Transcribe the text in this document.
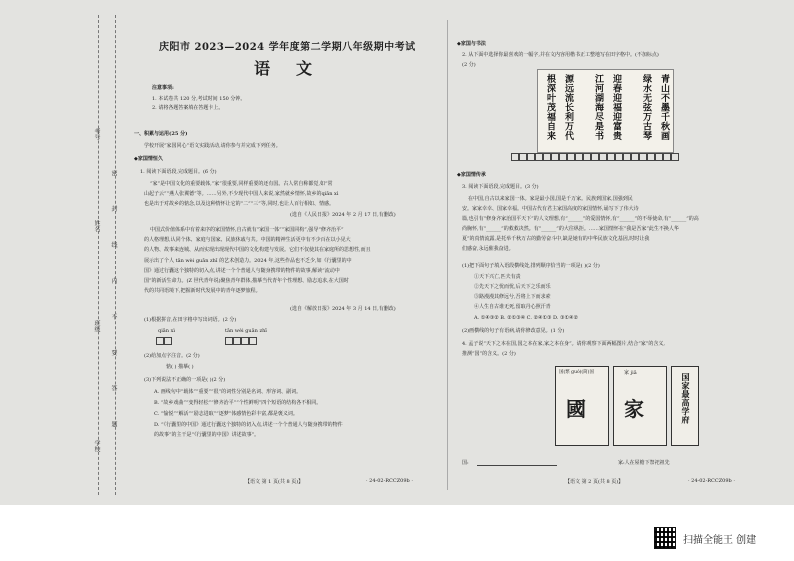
考号
姓名
班级
学校
密 封 线 内 不 要 答 题
庆阳市 2023—2024 学年度第二学期八年级期中考试
语文
注意事项:
1. 本试卷共 120 分,考试时间 150 分钟。
2. 请将各题答案填在答题卡上。
一、积累与运用(25 分)
学校开展“家国同心”语文实践活动,请你参与并完成下列任务。
◆家国情恒久
1. 阅读下面语段,完成题目。(6 分)
“家”是中国文化的重要载体,“家”很重要,同样重要的还有国。古人常自称都觉,如“常
山起子云”“燕人张翼德”等。……另外,不少现代中国人来说,家然就乡情怀,故乡的qiān xì
也是出于对故乡的惦念,以及这种情怀让它的“二”“三”等,同时,也让人百行相如、情感。
(选自《人民日报》2024 年 2 月 17 日,有删改)
中国式价值体系中有着来序的家国情怀,自古就有“家国一体”“家国同构”,强导“修齐治平”
的人格理想,认同个体、家庭与国家、民族休戚与共。中国的精神生活更中有不少百在以小见大
的人物、故事来连城、从而实现出现现代中国的文化构建与发展。它们不仅使其在家庭所的思想性,而且
展示出了个人 tān wèi guān zhī 的艺术创造力。2024 年,这些作品也不乏少,如《行囊里的中
国》通过行囊这个独特的切入点,讲述一个个普通人与随身携带的物件的故事,解读“流动中
国”的新活生命力。(Z 世代青年说)聚焦青年群体,描摹当代青年个性理想、励志追求,在大国时
代的共同语境下,把握新时代发展中的青年逐梦旅程。
(选自《解放日报》2024 年 3 月 14 日,有删改)
(1)根据拼音,在田字格中写出词语。(2 分)
qiān xì	tān wèi guān zhī
(2)给加点字注音。(2 分)
惦( ) 描摹( )
(3)下列说法不正确的一项是( )(2 分)
A. 画线句中“载体”“重要”“很”的词性分别是名词、形容词、副词。
B. “故乡戏曲”“变得轻松”“修齐治平”“个性鲜明”四个短语的结构各不相同。
C. “愉悦”“解活”“励志进取”“逐梦”体感情色彩丰富,都是褒义词。
D. “《行囊里的中国》通过行囊这个独特的切入点,讲述一个个普通人与随身携带的物件
的故事”的主干是“《行囊里的中国》讲述故事”。
【语文 第 1 页(共 8 页)】	· 24-02-RCCZ09b ·
◆家国与书法
2. 从下面中选择你最喜欢的一幅字,并在文内容用楷书正工整地写在田字格中。(不加标点)
(2 分)
青山不墨千秋画
绿水无弦万古琴
迎春迎福迎富贵
江河湖海尽是书
源远流长利万代
根深叶茂福自来
◆家国情传承
3. 阅读下面语段,完成题目。(3 分)
在中国,自古以来家国一体。家是最小国,国是千万家。民族到国家,国强到民
安。家家幸幸、国家幸福。中国古代有君主家国高度的家国情怀,诵写下了伟大诗
篇,也引有“修身齐家治国平天下”的人文理想,有“______”的爱国情怀,有“______”的不辱使命,有“______”的高
尚胸怀,有“______”的救救决然。有“______”的大往纵拒。……家国情怀在“我是吾家”此生不换人华
夏”的真情流露,是托举千秋万古的勤劳奋斗中,缺是她有的中华民族文化基因,时时让我
们感奋,永远催我奋进。
(1)把下面句子填入语段横线处,排列顺序恰当的一项是( )(2 分)
①天下兴亡,匹夫有责
②先天下之忧而忧,后天下之乐而乐
③路漫漫其修远兮,吾将上下而求索
④人生自古谁无死,留取丹心照汗青
A. ①④③② B. ②①③④ C. ②④①③ D. ③①④②
(2)画横线的句子有语病,请你修改意见。(1 分)
4. 孟子说“天下之本在国,国之本在家,家之本在身”。请你观察下面两幅图片,结合“家”的含义,
推测“国”的含义。(2 分)
国(繁 guó)(简)国
國
家 jiā
家	国家最高学府
国:	家:人在屋檐下祭祀祖先
【语文 第 2 页(共 8 页)】	· 24-02-RCCZ09b ·
扫描全能王 创建
